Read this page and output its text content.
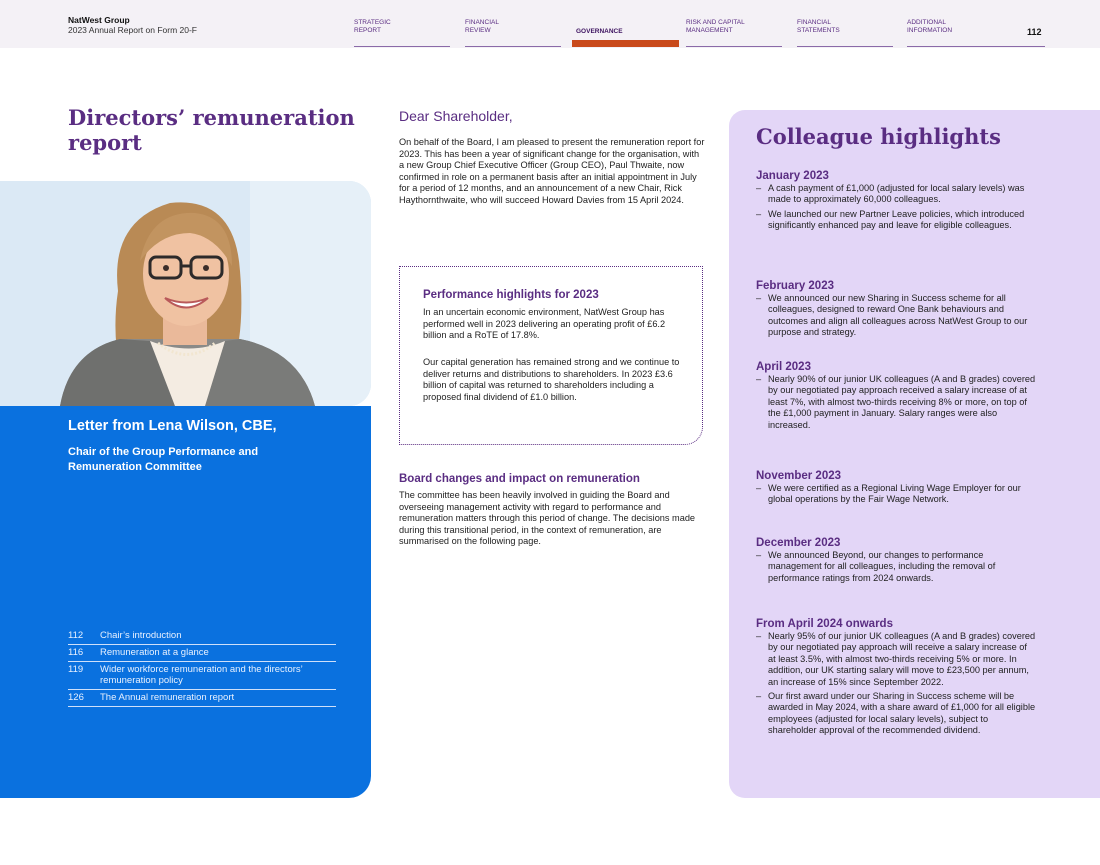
NatWest Group
2023 Annual Report on Form 20-F
STRATEGIC
REPORT
FINANCIAL
REVIEW	GOVERNANCE
RISK AND CAPITAL
MANAGEMENT
FINANCIAL
STATEMENTS
ADDITIONAL
INFORMATION	112
Directors’ remuneration report
Letter from Lena Wilson, CBE,
Chair of the Group Performance and Remuneration Committee
112	Chair’s introduction
116	Remuneration at a glance
119	Wider workforce remuneration and the directors’ remuneration policy
126	The Annual remuneration report
Dear Shareholder,
On behalf of the Board, I am pleased to present the remuneration report for 2023. This has been a year of significant change for the organisation, with a new Group Chief Executive Officer (Group CEO), Paul Thwaite, now confirmed in role on a permanent basis after an initial appointment in July for a period of 12 months, and an announcement of a new Chair, Rick Haythornthwaite, who will succeed Howard Davies from 15 April 2024.
Performance highlights for 2023
In an uncertain economic environment, NatWest Group has performed well in 2023 delivering an operating profit of £6.2 billion and a RoTE of 17.8%.
Our capital generation has remained strong and we continue to deliver returns and distributions to shareholders. In 2023 £3.6 billion of capital was returned to shareholders including a proposed final dividend of £1.0 billion.
Board changes and impact on remuneration
The committee has been heavily involved in guiding the Board and overseeing management activity with regard to performance and remuneration matters through this period of change. The decisions made during this transitional period, in the context of remuneration, are summarised on the following page.
Colleague highlights
January 2023
– A cash payment of £1,000 (adjusted for local salary levels) was made to approximately 60,000 colleagues.
– We launched our new Partner Leave policies, which introduced significantly enhanced pay and leave for eligible colleagues.
February 2023
– We announced our new Sharing in Success scheme for all colleagues, designed to reward One Bank behaviours and outcomes and align all colleagues across NatWest Group to our purpose and strategy.
April 2023
– Nearly 90% of our junior UK colleagues (A and B grades) covered by our negotiated pay approach received a salary increase of at least 7%, with almost two-thirds receiving 8% or more, on top of the £1,000 payment in January. Salary ranges were also increased.
November 2023
– We were certified as a Regional Living Wage Employer for our global operations by the Fair Wage Network.
December 2023
– We announced Beyond, our changes to performance management for all colleagues, including the removal of performance ratings from 2024 onwards.
From April 2024 onwards
– Nearly 95% of our junior UK colleagues (A and B grades) covered by our negotiated pay approach will receive a salary increase of at least 3.5%, with almost two-thirds receiving 5% or more. In addition, our UK starting salary will move to £23,500 per annum, an increase of 15% since September 2022.
– Our first award under our Sharing in Success scheme will be awarded in May 2024, with a share award of £1,000 for all eligible employees (adjusted for local salary levels), subject to shareholder approval of the recommended dividend.
